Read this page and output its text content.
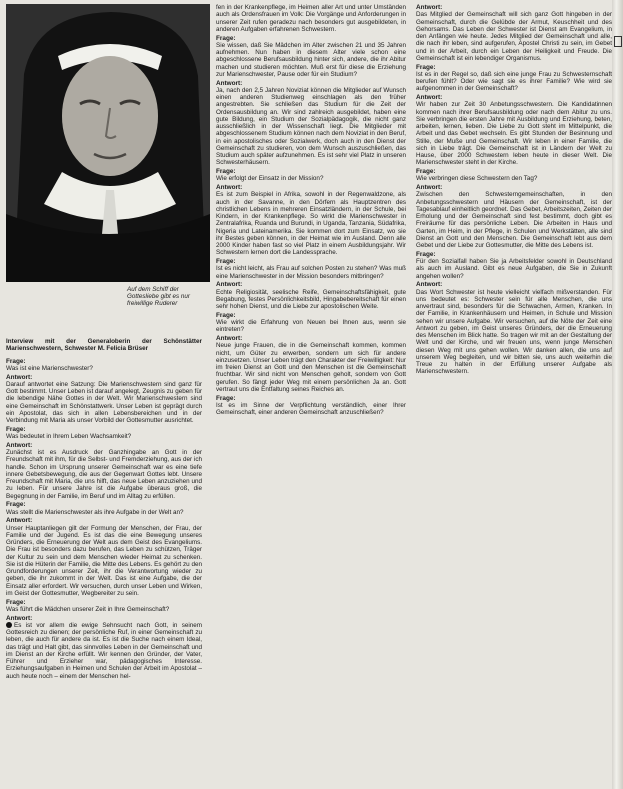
Auf dem Schiff der Gottesliebe gibt es nur freiwillige Ruderer
Interview mit der Generaloberin der Schönstätter Marienschwestern, Schwester M. Felicia Brüser
Frage:
Was ist eine Marienschwester?
Antwort:
Darauf antwortet eine Satzung: Die Marienschwestern sind ganz für Gott bestimmt. Unser Leben ist darauf angelegt, Zeugnis zu geben für die lebendige Nähe Gottes in der Welt. Wir Marienschwestern sind eine Gemeinschaft im Schönstattwerk. Unser Leben ist geprägt durch ein Apostolat, das sich in allen Lebensbereichen und in der Verbindung mit Maria als unser Vorbild der Gottesmutter ausrichtet.
Frage:
Was bedeutet in Ihrem Leben Wachsamkeit?
Antwort:
Zunächst ist es Ausdruck der Ganzhingabe an Gott in der Freundschaft mit ihm, für die Selbst- und Fremderziehung, aus der ich handle. Schon im Ursprung unserer Gemeinschaft war es eine tiefe innere Gebetsbewegung, die aus der Gegenwart Gottes lebt. Unsere Freundschaft mit Maria, die uns hilft, das neue Leben anzuziehen und zu leben. Für unsere Jahre ist die Aufgabe überaus groß, die Begegnung in der Familie, im Beruf und im Alltag zu erfüllen.
Frage:
Was stellt die Marienschwester als ihre Aufgabe in der Welt an?
Antwort:
Unser Hauptanliegen gilt der Formung der Menschen, der Frau, der Familie und der Jugend. Es ist das die eine Bewegung unseres Gründers, die Erneuerung der Welt aus dem Geist des Evangeliums. Die Frau ist besonders dazu berufen, das Leben zu schützen, Träger der Kultur zu sein und dem Menschen wieder Heimat zu schenken. Sie ist die Hüterin der Familie, die Mitte des Lebens. Es gehört zu den Grundforderungen unserer Zeit, ihr die Verantwortung wieder zu geben, die ihr zukommt in der Welt. Das ist eine Aufgabe, die der Einsatz aller erfordert. Wir versuchen, durch unser Leben und Wirken, im Geist der Gottesmutter, Wegbereiter zu sein.
Frage:
Was führt die Mädchen unserer Zeit in Ihre Gemeinschaft?
Antwort:
Es ist vor allem die ewige Sehnsucht nach Gott, in seinem Gottesreich zu dienen; der persönliche Ruf, in einer Gemeinschaft zu leben, die auch für andere da ist. Es ist die Suche nach einem Ideal, das trägt und Halt gibt, das sinnvolles Leben in der Gemeinschaft und im Dienst an der Kirche erfüllt. Wir kennen den Gründer, der Vater, Führer und Erzieher war, pädagogisches Interesse. Erziehungsaufgaben in Heimen und Schulen der Arbeit im Apostolat – auch heute noch – einem der Menschen hel-
fen in der Krankenpflege, im Heimen aller Art und unter Umständen auch als Ordensfrauen im Volk: Die Vorgänge und Anforderungen in unserer Zeit rufen geradezu nach besonders gut ausgebildeten, in anderen Aufgaben erfahrenen Schwestern.
Frage:
Sie wissen, daß Sie Mädchen im Alter zwischen 21 und 35 Jahren aufnehmen. Nun haben in diesem Alter viele schon eine abgeschlossene Berufsausbildung hinter sich, andere, die ihr Abitur machen und studieren möchten. Muß erst für diese die Erziehung zur Marienschwester, Pause oder für ein Studium?
Antwort:
Ja, nach den 2,5 Jahren Noviziat können die Mitglieder auf Wunsch einen anderen Studienweg einschlagen als den früher angestrebten. Sie schließen das Studium für die Zeit der Ordensausbildung an. Wir sind zahlreich ausgebildet, haben eine gute Bildung, ein Studium der Sozialpädagogik, die nicht ganz ausschließlich in der Wissenschaft liegt. Die Mitglieder mit abgeschlossenem Studium können nach dem Noviziat in den Beruf, in ein apostolisches oder Sozialwerk, doch auch in den Dienst der Gemeinschaft zu studieren, von dem Wunsch auszuschließen, das Studium auch später aufzunehmen. Es ist sehr viel Platz in unseren Schwesterhäusern.
Frage:
Wie erfolgt der Einsatz in der Mission?
Antwort:
Es ist zum Beispiel in Afrika, sowohl in der Regenwaldzone, als auch in der Savanne, in den Dörfern als Hauptzentren des christlichen Lebens in mehreren Einsatzländern, in der Schule, bei Kindern, in der Krankenpflege. So wirkt die Marienschwester in Zentralafrika, Ruanda und Burundi, in Uganda, Tanzania, Südafrika, Nigeria und Lateinamerika. Sie kommen dort zum Einsatz, wo sie ihr Bestes geben können, in der Heimat wie im Ausland. Denn alle 2000 Kinder haben fast so viel Platz in einem Ausbildungsjahr. Wir Schwestern lernen dort die Landessprache.
Frage:
Ist es nicht leicht, als Frau auf solchen Posten zu stehen? Was muß eine Marienschwester in der Mission besonders mitbringen?
Antwort:
Echte Religiosität, seelische Reife, Gemeinschaftsfähigkeit, gute Begabung, festes Persönlichkeitsbild, Hingabebereitschaft für einen sehr hohen Dienst, und die Liebe zur apostolischen Weite.
Frage:
Wie wirkt die Erfahrung von Neuen bei Ihnen aus, wenn sie eintreten?
Antwort:
Neue junge Frauen, die in die Gemeinschaft kommen, kommen nicht, um Güter zu erwerben, sondern um sich für andere einzusetzen. Unser Leben trägt den Charakter der Freiwilligkeit: Nur im freien Dienst an Gott und den Menschen ist die Gemeinschaft fruchtbar. Wir sind nicht von Menschen geholt, sondern von Gott gerufen. So fängt jeder Weg mit einem persönlichen Ja an. Gott vertraut uns die Entfaltung seines Reiches an.
Frage:
Ist es im Sinne der Verpflichtung verständlich, einer Ihrer Gemeinschaft, einer anderen Gemeinschaft anzuschließen?
Antwort:
Das Mitglied der Gemeinschaft will sich ganz Gott hingeben in der Gemeinschaft, durch die Gelübde der Armut, Keuschheit und des Gehorsams. Das Leben der Schwester ist Dienst am Evangelium, in den Anfängen wie heute. Jedes Mitglied der Gemeinschaft und alle, die nach ihr leben, sind aufgerufen, Apostel Christi zu sein, im Gebet und in der Arbeit, durch ein Leben der Heiligkeit und Freude. Die Gemeinschaft ist ein lebendiger Organismus.
Frage:
Ist es in der Regel so, daß sich eine junge Frau zu Schwesternschaft berufen fühlt? Oder wie sagt sie es ihrer Familie? Wie wird sie aufgenommen in der Gemeinschaft?
Antwort:
Wir haben zur Zeit 30 Anbetungsschwestern. Die Kandidatinnen kommen nach ihrer Berufsausbildung oder nach dem Abitur zu uns. Sie verbringen die ersten Jahre mit Ausbildung und Erziehung, beten, arbeiten, lernen, lieben. Die Liebe zu Gott steht im Mittelpunkt, die Arbeit und das Gebet wechseln. Es gibt Stunden der Besinnung und Stille, der Muße und Gemeinschaft. Wir leben in einer Familie, die sich in Liebe trägt. Die Gemeinschaft ist in Ländern der Welt zu Hause, über 2000 Schwestern leben heute in dieser Welt. Die Marienschwester steht in der Kirche.
Frage:
Wie verbringen diese Schwestern den Tag?
Antwort:
Zwischen den Schwesterngemeinschaften, in den Anbetungsschwestern und Häusern der Gemeinschaft, ist der Tagesablauf einheitlich geordnet. Das Gebet, Arbeitszeiten, Zeiten der Erholung und der Gemeinschaft sind fest bestimmt, doch gibt es Freiräume für das persönliche Leben. Die Arbeiten in Haus und Garten, im Heim, in der Pflege, in Schulen und Werkstätten, alle sind Dienst an Gott und den Menschen. Die Gemeinschaft lebt aus dem Gebet und der Liebe zur Gottesmutter, die Mitte des Lebens ist.
Frage:
Für den Sozialfall haben Sie ja Arbeitsfelder sowohl in Deutschland als auch im Ausland. Gibt es neue Aufgaben, die Sie in Zukunft angehen wollen?
Antwort:
Das Wort Schwester ist heute vielleicht vielfach mißverstanden. Für uns bedeutet es: Schwester sein für alle Menschen, die uns anvertraut sind, besonders für die Schwachen, Armen, Kranken. In der Familie, in Krankenhäusern und Heimen, in Schule und Mission sehen wir unsere Aufgabe. Wir versuchen, auf die Nöte der Zeit eine Antwort zu geben, im Geist unseres Gründers, der die Erneuerung des Menschen im Blick hatte. So tragen wir mit an der Gestaltung der Welt und der Kirche, und wir freuen uns, wenn junge Menschen diesen Weg mit uns gehen wollen. Wir danken allen, die uns auf unserem Weg begleiten, und wir bitten sie, uns auch weiterhin die Treue zu halten in der Erfüllung unserer Aufgabe als Marienschwestern.
